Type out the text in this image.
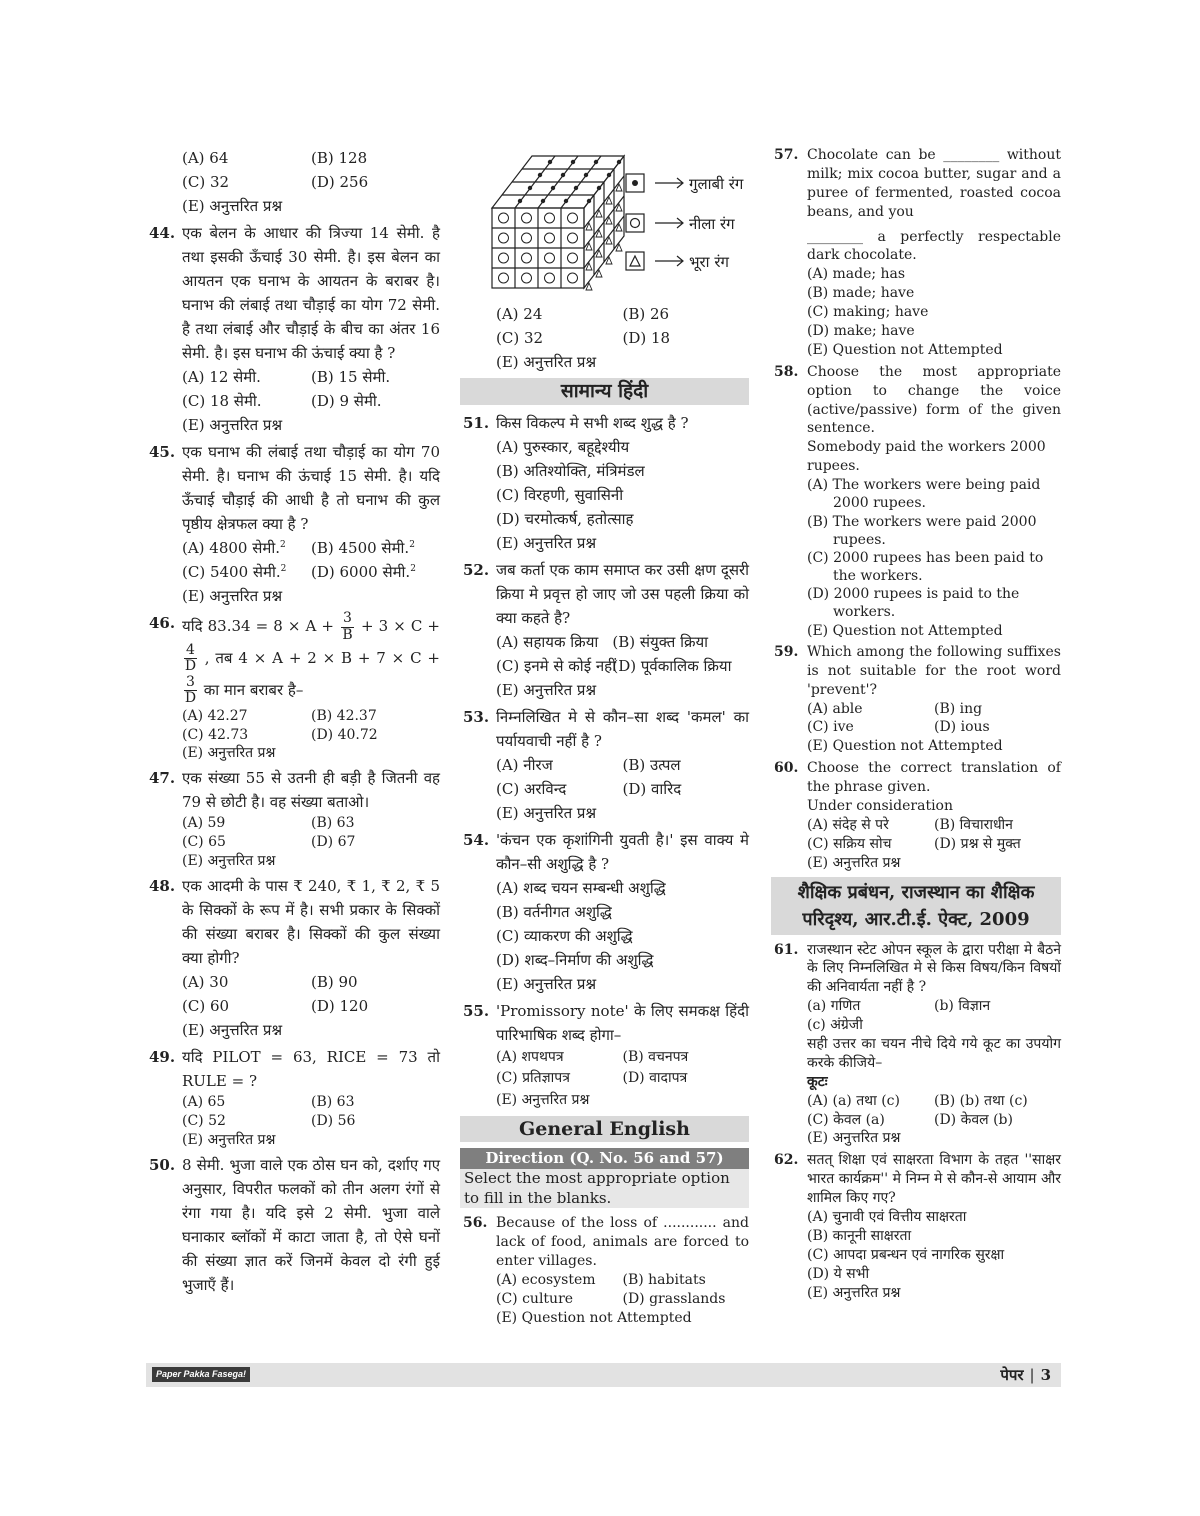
(A) 64	(B) 128
(C) 32	(D) 256
(E) अनुत्तरित प्रश्न
44. एक बेलन के आधार की त्रिज्या 14 सेमी. है तथा इसकी ऊँचाई 30 सेमी. है। इस बेलन का आयतन एक घनाभ के आयतन के बराबर है। घनाभ की लंबाई तथा चौड़ाई का योग 72 सेमी. है तथा लंबाई और चौड़ाई के बीच का अंतर 16 सेमी. है। इस घनाभ की ऊंचाई क्या है ?
(A) 12 सेमी.	(B) 15 सेमी.
(C) 18 सेमी.	(D) 9 सेमी.
(E) अनुत्तरित प्रश्न
45. एक घनाभ की लंबाई तथा चौड़ाई का योग 70 सेमी. है। घनाभ की ऊंचाई 15 सेमी. है। यदि ऊँचाई चौड़ाई की आधी है तो घनाभ की कुल पृष्ठीय क्षेत्रफल क्या है ?
(A) 4800 सेमी.$^2$	(B) 4500 सेमी.$^2$
(C) 5400 सेमी.$^2$	(D) 6000 सेमी.$^2$
(E) अनुत्तरित प्रश्न
46. यदि $83.34 = 8 \times A + \frac{3}{B} + 3 \times C$ +
$\frac{4}{D}$ , तब 4 × A + 2 × B + 7 × C +
$\frac{3}{D}$ का मान बराबर है–
(A) 42.27	(B) 42.37
(C) 42.73	(D) 40.72
(E) अनुत्तरित प्रश्न
47. एक संख्या 55 से उतनी ही बड़ी है जितनी वह 79 से छोटी है। वह संख्या बताओ।
(A) 59	(B) 63
(C) 65	(D) 67
(E) अनुत्तरित प्रश्न
48. एक आदमी के पास ₹ 240, ₹ 1, ₹ 2, ₹ 5 के सिक्कों के रूप में है। सभी प्रकार के सिक्कों की संख्या बराबर है। सिक्कों की कुल संख्या क्या होगी?
(A) 30	(B) 90
(C) 60	(D) 120
(E) अनुत्तरित प्रश्न
49. यदि PILOT = 63, RICE = 73 तो RULE = ?
(A) 65	(B) 63
(C) 52	(D) 56
(E) अनुत्तरित प्रश्न
50. 8 सेमी. भुजा वाले एक ठोस घन को, दर्शाए गए अनुसार, विपरीत फलकों को तीन अलग रंगों से रंगा गया है। यदि इसे 2 सेमी. भुजा वाले घनाकार ब्लॉकों में काटा जाता है, तो ऐसे घनों की संख्या ज्ञात करें जिनमें केवल दो रंगी हुई भुजाएँ हैं।
गुलाबी रंग
नीला रंग
भूरा रंग
(A) 24	(B) 26
(C) 32	(D) 18
(E) अनुत्तरित प्रश्न
सामान्य हिंदी
51. किस विकल्प मे सभी शब्द शुद्ध है ?
(A) पुरुस्कार, बहूद्देश्यीय
(B) अतिश्योक्ति, मंत्रिमंडल
(C) विरहणी, सुवासिनी
(D) चरमोत्कर्ष, हतोत्साह
(E) अनुत्तरित प्रश्न
52. जब कर्ता एक काम समाप्त कर उसी क्षण दूसरी क्रिया मे प्रवृत्त हो जाए जो उस पहली क्रिया को क्या कहते है?
(A) सहायक क्रिया (B) संयुक्त क्रिया
(C) इनमे से कोई नहीं
(D) पूर्वकालिक क्रिया
(E) अनुत्तरित प्रश्न
53. निम्नलिखित मे से कौन–सा शब्द 'कमल' का पर्यायवाची नहीं है ?
(A) नीरज	(B) उत्पल
(C) अरविन्द	(D) वारिद
(E) अनुत्तरित प्रश्न
54. 'कंचन एक कृशांगिनी युवती है।' इस वाक्य मे कौन–सी अशुद्धि है ?
(A) शब्द चयन सम्बन्धी अशुद्धि
(B) वर्तनीगत अशुद्धि
(C) व्याकरण की अशुद्धि
(D) शब्द–निर्माण की अशुद्धि
(E) अनुत्तरित प्रश्न
55. 'Promissory note' के लिए समकक्ष हिंदी पारिभाषिक शब्द होगा–
(A) शपथपत्र	(B) वचनपत्र
(C) प्रतिज्ञापत्र	(D) वादापत्र
(E) अनुत्तरित प्रश्न
General English
Direction (Q. No. 56 and 57)
Select the most appropriate option to fill in the blanks.
56. Because of the loss of ............ and lack of food, animals are forced to enter villages.
(A) ecosystem	(B) habitats
(C) culture	(D) grasslands
(E) Question not Attempted
57. Chocolate can be ________ without milk; mix cocoa butter, sugar and a puree of fermented, roasted cocoa beans, and you
________ a perfectly respectable dark chocolate.
(A) made; has
(B) made; have
(C) making; have
(D) make; have
(E) Question not Attempted
58. Choose the most appropriate option to change the voice (active/passive) form of the given sentence.
Somebody paid the workers 2000 rupees.
(A) The workers were being paid 2000 rupees.
(B) The workers were paid 2000 rupees.
(C) 2000 rupees has been paid to the workers.
(D) 2000 rupees is paid to the workers.
(E) Question not Attempted
59. Which among the following suffixes is not suitable for the root word 'prevent'?
(A) able	(B) ing
(C) ive	(D) ious
(E) Question not Attempted
60. Choose the correct translation of the phrase given.
Under consideration
(A) संदेह से परे	(B) विचाराधीन
(C) सक्रिय सोच	(D) प्रश्न से मुक्त
(E) अनुत्तरित प्रश्न
शैक्षिक प्रबंधन, राजस्थान का शैक्षिक परिदृश्य, आर.टी.ई. ऐक्ट, 2009
61. राजस्थान स्टेट ओपन स्कूल के द्वारा परीक्षा मे बैठने के लिए निम्नलिखित मे से किस विषय/किन विषयों की अनिवार्यता नहीं है ?
(a) गणित	(b) विज्ञान
(c) अंग्रेजी
सही उत्तर का चयन नीचे दिये गये कूट का उपयोग करके कीजिये–
कूटः
(A) (a) तथा (c)	(B) (b) तथा (c)
(C) केवल (a)	(D) केवल (b)
(E) अनुत्तरित प्रश्न
62. सतत् शिक्षा एवं साक्षरता विभाग के तहत ''साक्षर भारत कार्यक्रम'' मे निम्न मे से कौन-से आयाम और शामिल किए गए?
(A) चुनावी एवं वित्तीय साक्षरता
(B) कानूनी साक्षरता
(C) आपदा प्रबन्धन एवं नागरिक सुरक्षा
(D) ये सभी
(E) अनुत्तरित प्रश्न
Paper Pakka Fasega!	पेपर | 3
